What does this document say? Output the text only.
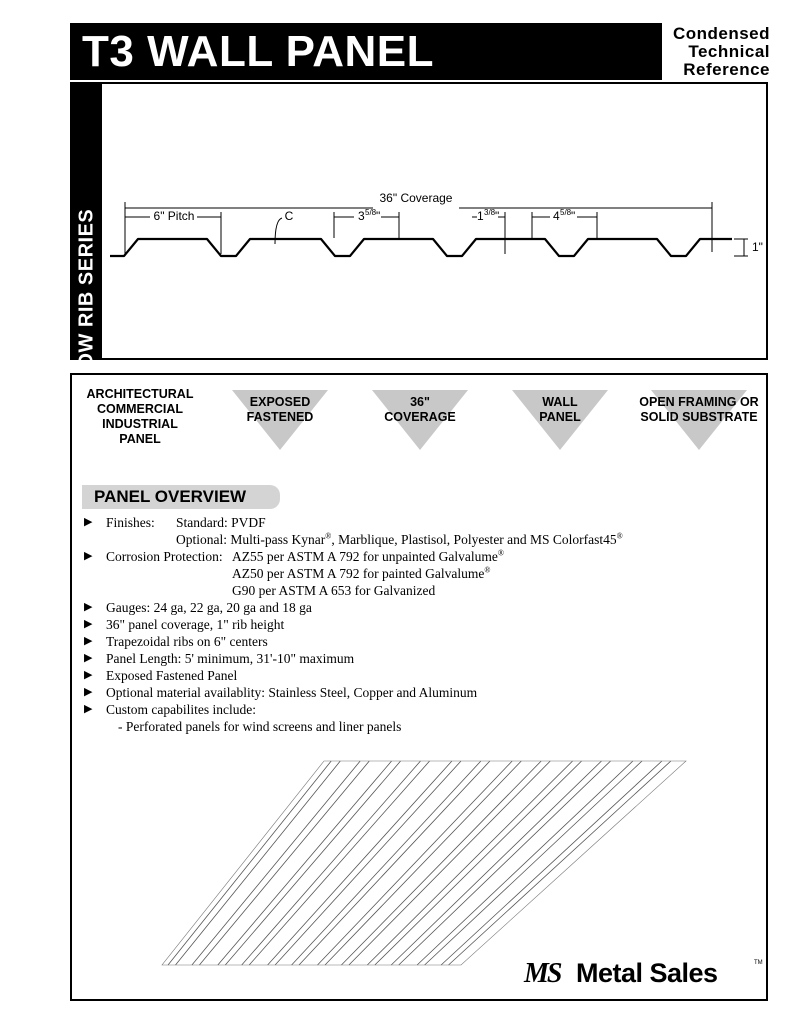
T3 WALL PANEL	Condensed
Technical
Reference
LOW RIB SERIES
36" Coverage
6" Pitch	C	3 5/8 "	1 3/8 "	4 5/8 "
1"
ARCHITECTURAL
COMMERCIAL
INDUSTRIAL
PANEL
EXPOSED
FASTENED
36"
COVERAGE
WALL
PANEL
OPEN FRAMING OR
SOLID SUBSTRATE
PANEL OVERVIEW
▶ Finishes: Standard: PVDF
Optional: Multi-pass Kynar®, Marblique, Plastisol, Polyester and MS Colorfast45®
▶ Corrosion Protection: AZ55 per ASTM A 792 for unpainted Galvalume®
AZ50 per ASTM A 792 for painted Galvalume®
G90 per ASTM A 653 for Galvanized
▶ Gauges: 24 ga, 22 ga, 20 ga and 18 ga
▶ 36" panel coverage, 1" rib height
▶ Trapezoidal ribs on 6" centers
▶ Panel Length: 5' minimum, 31'-10" maximum
▶ Exposed Fastened Panel
▶ Optional material availablity: Stainless Steel, Copper and Aluminum
▶ Custom capabilites include:
- Perforated panels for wind screens and liner panels
MS Metal Sales	TM
